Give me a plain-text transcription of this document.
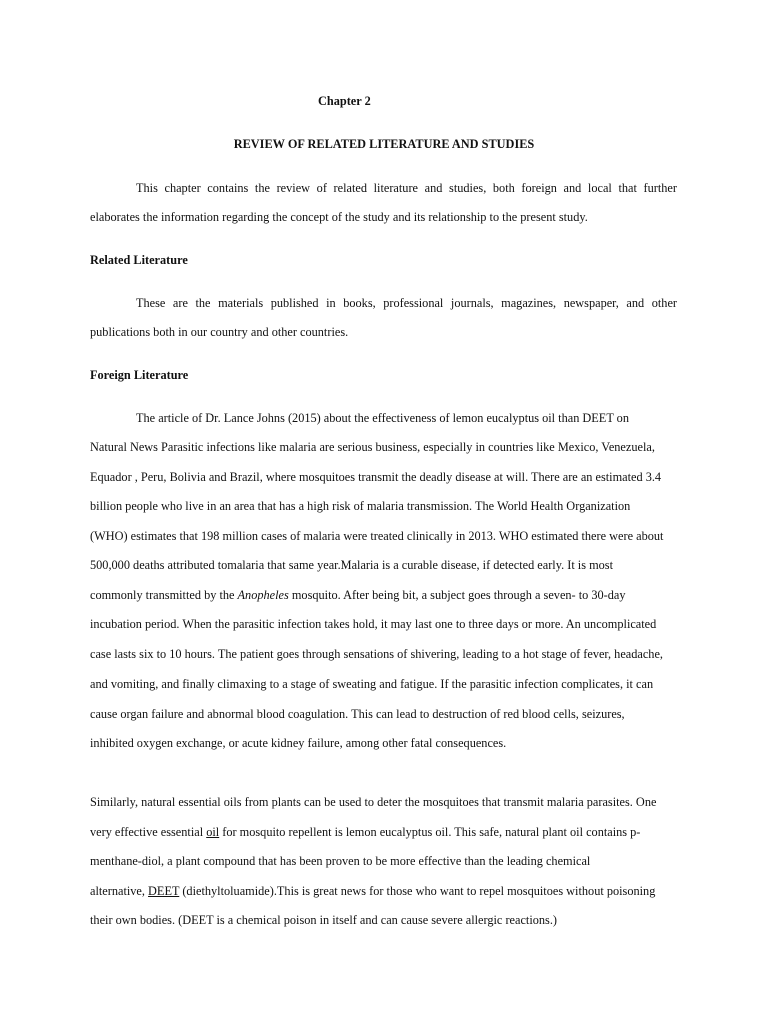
Chapter 2
REVIEW OF RELATED LITERATURE AND STUDIES
This chapter contains the review of related literature and studies, both foreign and local that further
elaborates the information regarding the concept of the study and its relationship to the present study.
Related Literature
These are the materials published in books, professional journals, magazines, newspaper, and other
publications both in our country and other countries.
Foreign Literature
The article of Dr. Lance Johns (2015) about the effectiveness of lemon eucalyptus oil than DEET on
Natural News Parasitic infections like malaria are serious business, especially in countries like Mexico, Venezuela,
Equador , Peru, Bolivia and Brazil, where mosquitoes transmit the deadly disease at will. There are an estimated 3.4
billion people who live in an area that has a high risk of malaria transmission. The World Health Organization
(WHO) estimates that 198 million cases of malaria were treated clinically in 2013. WHO estimated there were about
500,000 deaths attributed tomalaria that same year.Malaria is a curable disease, if detected early. It is most
commonly transmitted by the Anopheles mosquito. After being bit, a subject goes through a seven- to 30-day
incubation period. When the parasitic infection takes hold, it may last one to three days or more. An uncomplicated
case lasts six to 10 hours. The patient goes through sensations of shivering, leading to a hot stage of fever, headache,
and vomiting, and finally climaxing to a stage of sweating and fatigue. If the parasitic infection complicates, it can
cause organ failure and abnormal blood coagulation. This can lead to destruction of red blood cells, seizures,
inhibited oxygen exchange, or acute kidney failure, among other fatal consequences.
Similarly, natural essential oils from plants can be used to deter the mosquitoes that transmit malaria parasites. One
very effective essential oil for mosquito repellent is lemon eucalyptus oil. This safe, natural plant oil contains p-
menthane-diol, a plant compound that has been proven to be more effective than the leading chemical
alternative, DEET (diethyltoluamide).This is great news for those who want to repel mosquitoes without poisoning
their own bodies. (DEET is a chemical poison in itself and can cause severe allergic reactions.)
